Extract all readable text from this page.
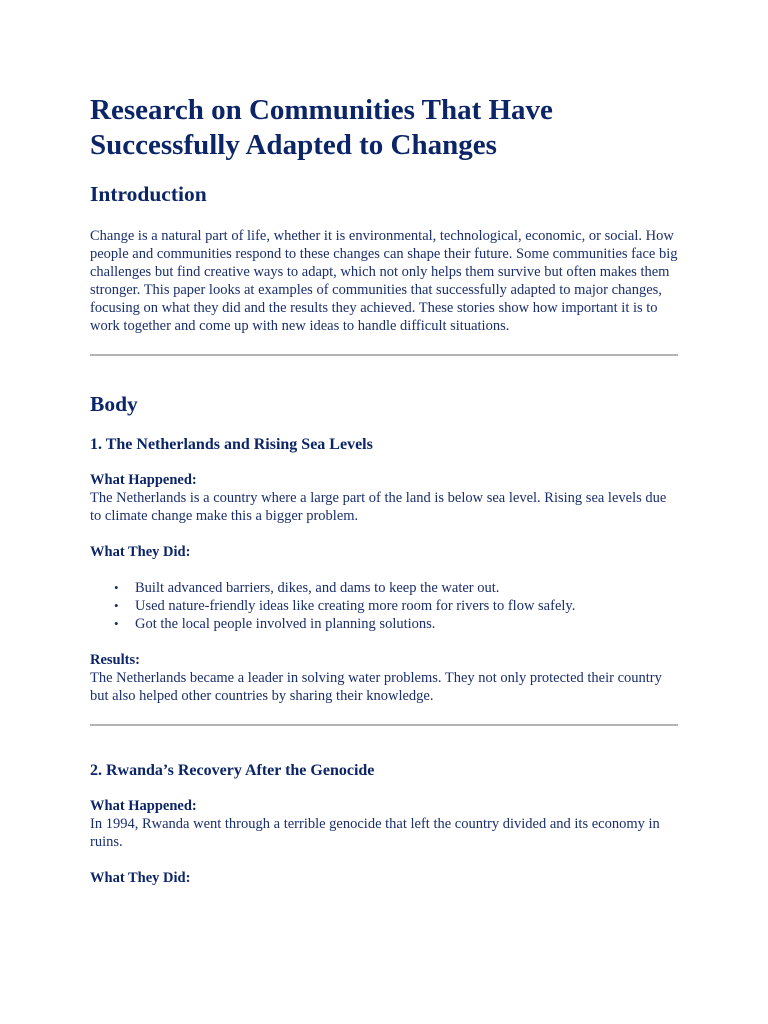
Research on Communities That Have Successfully Adapted to Changes
Introduction

Change is a natural part of life, whether it is environmental, technological, economic, or social. How people and communities respond to these changes can shape their future. Some communities face big challenges but find creative ways to adapt, which not only helps them survive but often makes them stronger. This paper looks at examples of communities that successfully adapted to major changes, focusing on what they did and the results they achieved. These stories show how important it is to work together and come up with new ideas to handle difficult situations.

Body
1. The Netherlands and Rising Sea Levels

What Happened:

The Netherlands is a country where a large part of the land is below sea level. Rising sea levels due to climate change make this a bigger problem.

What They Did:

• Built advanced barriers, dikes, and dams to keep the water out.
• Used nature-friendly ideas like creating more room for rivers to flow safely.
• Got the local people involved in planning solutions.

Results:

The Netherlands became a leader in solving water problems. They not only protected their country but also helped other countries by sharing their knowledge.

2. Rwanda’s Recovery After the Genocide

What Happened:

In 1994, Rwanda went through a terrible genocide that left the country divided and its economy in ruins.

What They Did:
